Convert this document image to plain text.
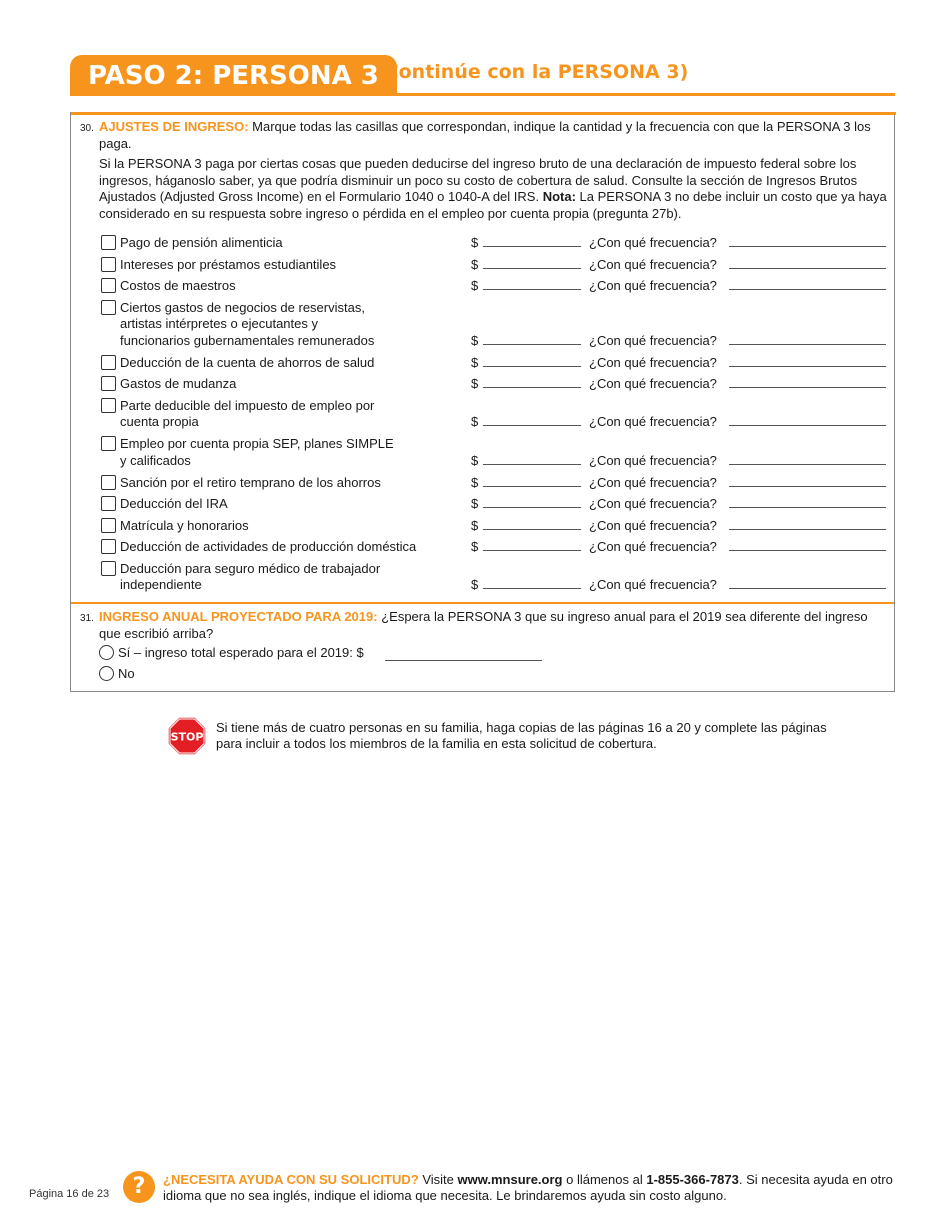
PASO 2: PERSONA 3
(Continúe con la PERSONA 3)
30. AJUSTES DE INGRESO: Marque todas las casillas que correspondan, indique la cantidad y la frecuencia con que la PERSONA 3 los paga.
Si la PERSONA 3 paga por ciertas cosas que pueden deducirse del ingreso bruto de una declaración de impuesto federal sobre los ingresos, háganoslo saber, ya que podría disminuir un poco su costo de cobertura de salud. Consulte la sección de Ingresos Brutos Ajustados (Adjusted Gross Income) en el Formulario 1040 o 1040-A del IRS. Nota: La PERSONA 3 no debe incluir un costo que ya haya considerado en su respuesta sobre ingreso o pérdida en el empleo por cuenta propia (pregunta 27b).
Pago de pensión alimenticia	$	¿Con qué frecuencia?
Intereses por préstamos estudiantiles	$	¿Con qué frecuencia?
Costos de maestros	$	¿Con qué frecuencia?
Ciertos gastos de negocios de reservistas,
artistas intérpretes o ejecutantes y
funcionarios gubernamentales remunerados	$	¿Con qué frecuencia?
Deducción de la cuenta de ahorros de salud	$	¿Con qué frecuencia?
Gastos de mudanza	$	¿Con qué frecuencia?
Parte deducible del impuesto de empleo por
cuenta propia	$	¿Con qué frecuencia?
Empleo por cuenta propia SEP, planes SIMPLE
y calificados	$	¿Con qué frecuencia?
Sanción por el retiro temprano de los ahorros	$	¿Con qué frecuencia?
Deducción del IRA	$	¿Con qué frecuencia?
Matrícula y honorarios	$	¿Con qué frecuencia?
Deducción de actividades de producción doméstica	$	¿Con qué frecuencia?
Deducción para seguro médico de trabajador
independiente	$	¿Con qué frecuencia?
31. INGRESO ANUAL PROYECTADO PARA 2019: ¿Espera la PERSONA 3 que su ingreso anual para el 2019 sea diferente del ingreso que escribió arriba?
Sí – ingreso total esperado para el 2019: $
No
STOP
Si tiene más de cuatro personas en su familia, haga copias de las páginas 16 a 20 y complete las páginas para incluir a todos los miembros de la familia en esta solicitud de cobertura.
Página 16 de 23	?	¿NECESITA AYUDA CON SU SOLICITUD? Visite www.mnsure.org o llámenos al 1-855-366-7873. Si necesita ayuda en otro idioma que no sea inglés, indique el idioma que necesita. Le brindaremos ayuda sin costo alguno.
